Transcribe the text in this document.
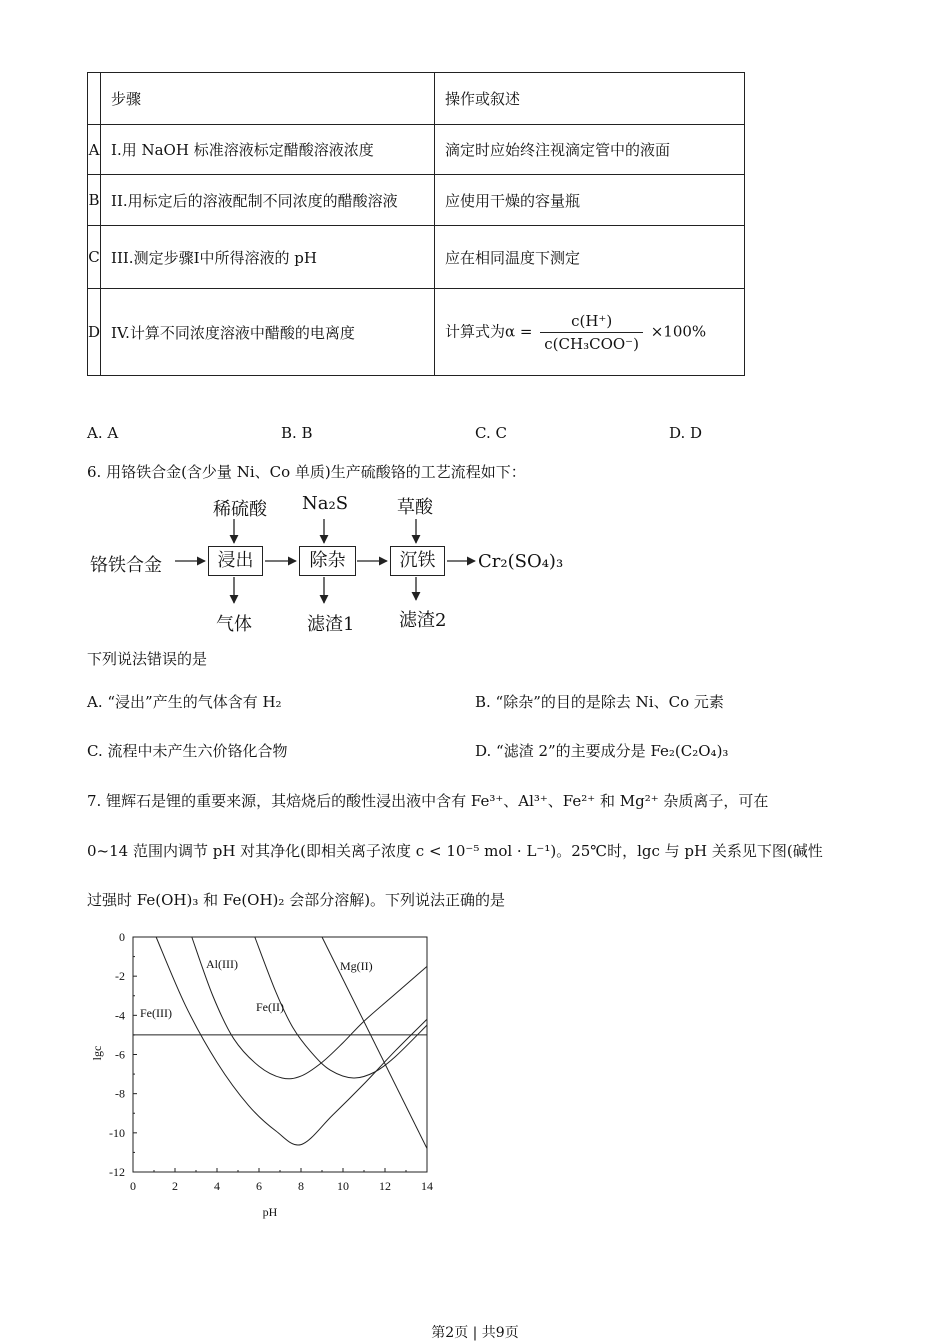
	步骤	操作或叙述
A	I.用 NaOH 标准溶液标定醋酸溶液浓度	滴定时应始终注视滴定管中的液面
B	II.用标定后的溶液配制不同浓度的醋酸溶液	应使用干燥的容量瓶
C	III.测定步骤I中所得溶液的 pH	应在相同温度下测定
D	IV.计算不同浓度溶液中醋酸的电离度	计算式为$\alpha = \frac{c(H^+)}{\text{c(CH₃COO⁻)}} \times 100\%$
A. A	B. B	C. C	D. D
6. 用铬铁合金(含少量 Ni、Co 单质)生产硫酸铬的工艺流程如下：
稀硫酸 Na₂S	草酸
铬铁合金	浸出	除杂	沉铁	Cr₂(SO₄)₃
气体	滤渣1 滤渣2
下列说法错误的是
A. “浸出”产生的气体含有 H₂	B. “除杂”的目的是除去 Ni、Co 元素
C. 流程中未产生六价铬化合物	D. “滤渣 2”的主要成分是 Fe₂(C₂O₄)₃
7. 锂辉石是锂的重要来源，其焙烧后的酸性浸出液中含有 Fe³⁺、Al³⁺、Fe²⁺ 和 Mg²⁺ 杂质离子，可在
0~14 范围内调节 pH 对其净化(即相关离子浓度 c < 10⁻⁵ mol · L⁻¹)。25℃时，lgc 与 pH 关系见下图(碱性
过强时 Fe(OH)₃ 和 Fe(OH)₂ 会部分溶解)。下列说法正确的是
0	2	4	6	8	10	12	14
0
-2
-4
-6
-8
-10
-12
pH
lgc
Fe(III)
Al(III)
Fe(II)
Mg(II)
第2页 | 共9页
